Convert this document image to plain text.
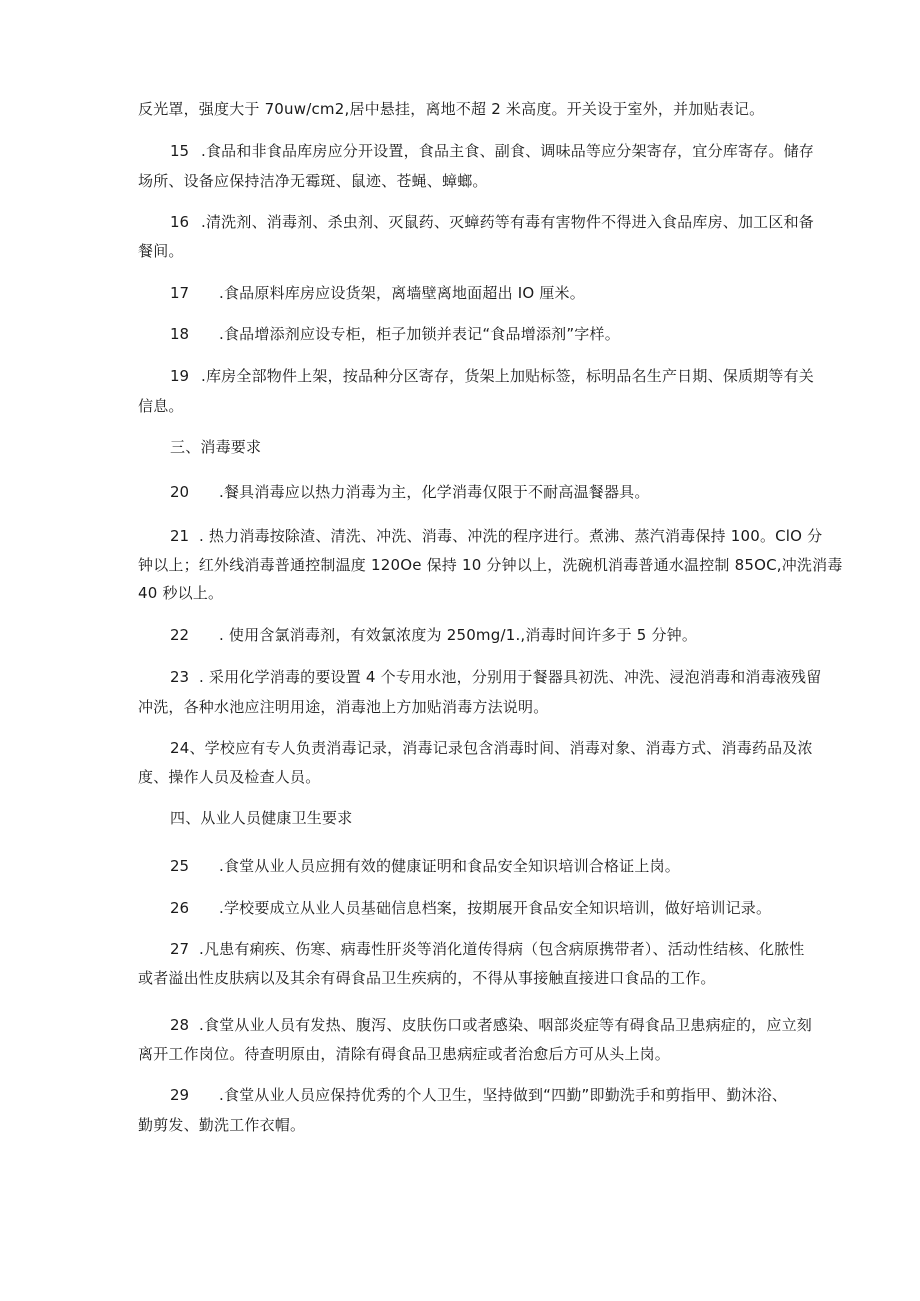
反光罩，强度大于 70uw/cm2,居中悬挂，离地不超 2 米高度。开关设于室外，并加贴表记。
15 .食品和非食品库房应分开设置，食品主食、副食、调味品等应分架寄存，宜分库寄存。储存
场所、设备应保持洁净无霉斑、鼠迹、苍蝇、蟑螂。
16 .清洗剂、消毒剂、杀虫剂、灭鼠药、灭蟑药等有毒有害物件不得进入食品库房、加工区和备
餐间。
17 .食品原料库房应设货架，离墙壁离地面超出 IO 厘米。
18 .食品增添剂应设专柜，柜子加锁并表记“食品增添剂”字样。
19 .库房全部物件上架，按品种分区寄存，货架上加贴标签，标明品名生产日期、保质期等有关
信息。
三、消毒要求
20 .餐具消毒应以热力消毒为主，化学消毒仅限于不耐高温餐器具。
21 . 热力消毒按除渣、清洗、冲洗、消毒、冲洗的程序进行。煮沸、蒸汽消毒保持 100。ClO 分
钟以上；红外线消毒普通控制温度 120Oe 保持 10 分钟以上，洗碗机消毒普通水温控制 85OC,冲洗消毒
40 秒以上。
22 . 使用含氯消毒剂，有效氯浓度为 250mg/1.,消毒时间许多于 5 分钟。
23 . 采用化学消毒的要设置 4 个专用水池，分别用于餐器具初洗、冲洗、浸泡消毒和消毒液残留
冲洗，各种水池应注明用途，消毒池上方加贴消毒方法说明。
24、学校应有专人负责消毒记录，消毒记录包含消毒时间、消毒对象、消毒方式、消毒药品及浓
度、操作人员及检查人员。
四、从业人员健康卫生要求
25 .食堂从业人员应拥有效的健康证明和食品安全知识培训合格证上岗。
26 .学校要成立从业人员基础信息档案，按期展开食品安全知识培训，做好培训记录。
27 .凡患有痢疾、伤寒、病毒性肝炎等消化道传得病（包含病原携带者）、活动性结核、化脓性
或者溢出性皮肤病以及其余有碍食品卫生疾病的，不得从事接触直接进口食品的工作。
28 .食堂从业人员有发热、腹泻、皮肤伤口或者感染、咽部炎症等有碍食品卫患病症的，应立刻
离开工作岗位。待查明原由，清除有碍食品卫患病症或者治愈后方可从头上岗。
29 .食堂从业人员应保持优秀的个人卫生，坚持做到“四勤”即勤洗手和剪指甲、勤沐浴、
勤剪发、勤洗工作衣帽。
